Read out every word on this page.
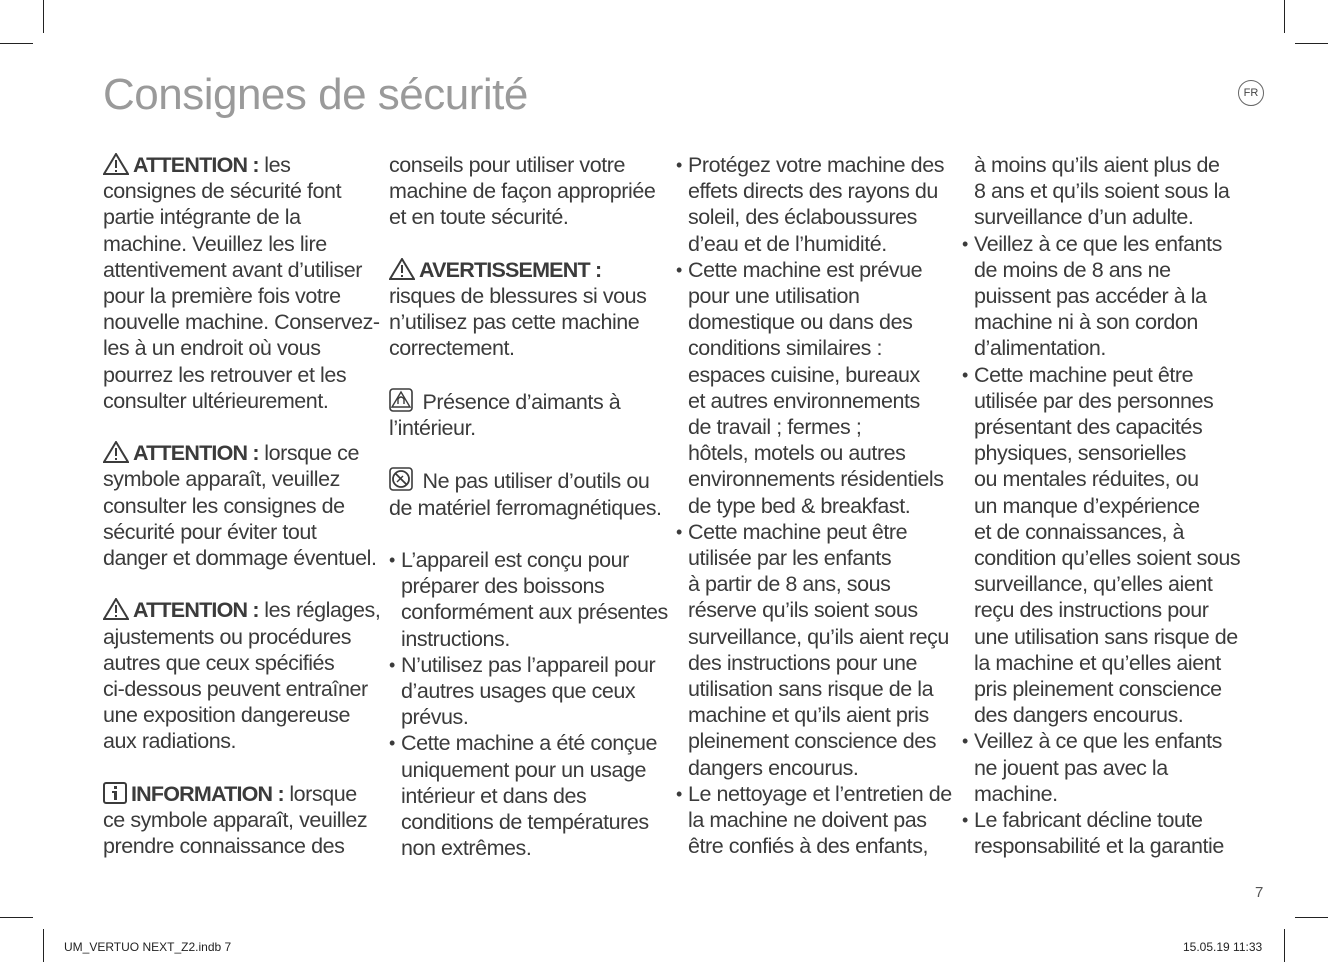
Consignes de sécurité	FR

ATTENTION : les

consignes de sécurité font

partie intégrante de la

machine. Veuillez les lire

attentivement avant d’utiliser

pour la première fois votre

nouvelle machine. Conservez-

les à un endroit où vous

pourrez les retrouver et les

consulter ultérieurement.

ATTENTION : lorsque ce

symbole apparaît, veuillez

consulter les consignes de

sécurité pour éviter tout

danger et dommage éventuel.

ATTENTION : les réglages,

ajustements ou procédures

autres que ceux spécifiés

ci-dessous peuvent entraîner

une exposition dangereuse

aux radiations.

INFORMATION : lorsque

ce symbole apparaît, veuillez

prendre connaissance des

conseils pour utiliser votre

machine de façon appropriée

et en toute sécurité.

AVERTISSEMENT :

risques de blessures si vous

n’utilisez pas cette machine

correctement.

Présence d’aimants à

l’intérieur.

Ne pas utiliser d’outils ou

de matériel ferromagnétiques.

• L’appareil est conçu pour

préparer des boissons

conformément aux présentes

instructions.

• N’utilisez pas l’appareil pour

d’autres usages que ceux

prévus.

• Cette machine a été conçue

uniquement pour un usage

intérieur et dans des

conditions de températures

non extrêmes.

• Protégez votre machine des

effets directs des rayons du

soleil, des éclaboussures

d’eau et de l’humidité.

• Cette machine est prévue

pour une utilisation

domestique ou dans des

conditions similaires :

espaces cuisine, bureaux

et autres environnements

de travail ; fermes ;

hôtels, motels ou autres

environnements résidentiels

de type bed & breakfast.

• Cette machine peut être

utilisée par les enfants

à partir de 8 ans, sous

réserve qu’ils soient sous

surveillance, qu’ils aient reçu

des instructions pour une

utilisation sans risque de la

machine et qu’ils aient pris

pleinement conscience des

dangers encourus.

• Le nettoyage et l’entretien de

la machine ne doivent pas

être confiés à des enfants,

à moins qu’ils aient plus de

8 ans et qu’ils soient sous la

surveillance d’un adulte.

• Veillez à ce que les enfants

de moins de 8 ans ne

puissent pas accéder à la

machine ni à son cordon

d’alimentation.

• Cette machine peut être

utilisée par des personnes

présentant des capacités

physiques, sensorielles

ou mentales réduites, ou

un manque d’expérience

et de connaissances, à

condition qu’elles soient sous

surveillance, qu’elles aient

reçu des instructions pour

une utilisation sans risque de

la machine et qu’elles aient

pris pleinement conscience

des dangers encourus.

• Veillez à ce que les enfants

ne jouent pas avec la

machine.

• Le fabricant décline toute

responsabilité et la garantie

7
UM_VERTUO NEXT_Z2.indb 7	15.05.19 11:33
